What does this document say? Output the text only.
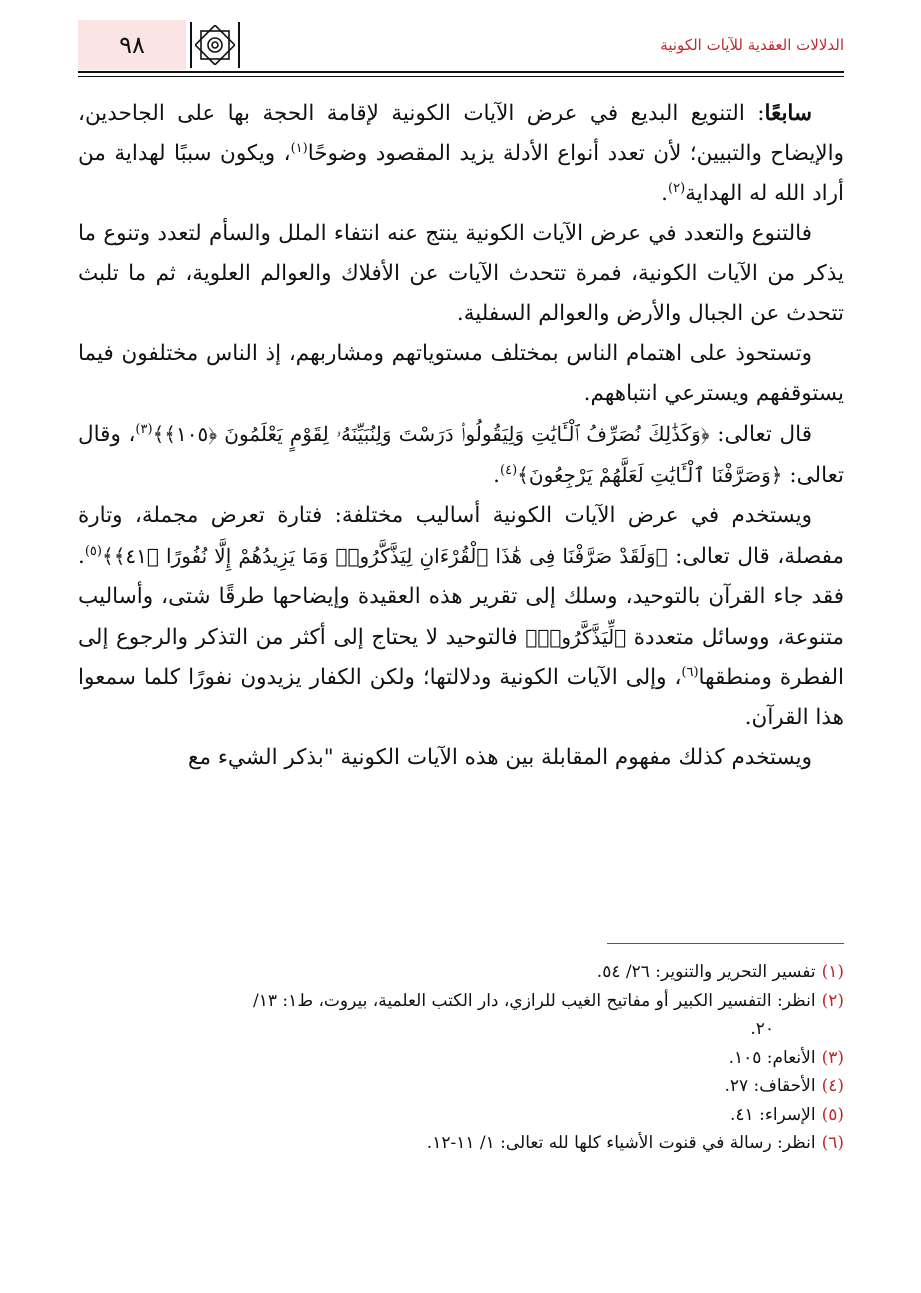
٩٨	الدلالات العقدية للآيات الكونية

سابعًا: التنويع البديع في عرض الآيات الكونية لإقامة الحجة بها على الجاحدين، والإيضاح والتبيين؛ لأن تعدد أنواع الأدلة يزيد المقصود وضوحًا$^{(١)}$، ويكون سببًا لهداية من أراد الله له الهداية$^{(٢)}$.

فالتنوع والتعدد في عرض الآيات الكونية ينتج عنه انتفاء الملل والسأم لتعدد وتنوع ما يذكر من الآيات الكونية، فمرة تتحدث الآيات عن الأفلاك والعوالم العلوية، ثم ما تلبث تتحدث عن الجبال والأرض والعوالم السفلية.

وتستحوذ على اهتمام الناس بمختلف مستوياتهم ومشاربهم، إذ الناس مختلفون فيما يستوقفهم ويسترعي انتباههم.

قال تعالى: ﴿وَكَذَٰلِكَ نُصَرِّفُ ٱلْـَٔايَٰتِ وَلِيَقُولُوا۟ دَرَسْتَ وَلِنُبَيِّنَهُۥ لِقَوْمٍ يَعْلَمُونَ ﴿١٠٥﴾﴾$^{(٣)}$، وقال تعالى: ﴿وَصَرَّفْنَا ٱلْـَٔايَٰتِ لَعَلَّهُمْ يَرْجِعُونَ﴾$^{(٤)}$.

ويستخدم في عرض الآيات الكونية أساليب مختلفة: فتارة تعرض مجملة، وتارة مفصلة، قال تعالى: ﴿وَلَقَدْ صَرَّفْنَا فِى هَٰذَا ٱلْقُرْءَانِ لِيَذَّكَّرُوا۟ وَمَا يَزِيدُهُمْ إِلَّا نُفُورًا ﴿٤١﴾﴾$^{(٥)}$. فقد جاء القرآن بالتوحيد، وسلك إلى تقرير هذه العقيدة وإيضاحها طرقًا شتى، وأساليب متنوعة، ووسائل متعددة ﴿لِّيَذَّكَّرُوا۟﴾ فالتوحيد لا يحتاج إلى أكثر من التذكر والرجوع إلى الفطرة ومنطقها$^{(٦)}$، وإلى الآيات الكونية ودلالتها؛ ولكن الكفار يزيدون نفورًا كلما سمعوا هذا القرآن.

ويستخدم كذلك مفهوم المقابلة بين هذه الآيات الكونية "بذكر الشيء مع

(١)تفسير التحرير والتنوير: ٢٦/ ٥٤.

(٢)انظر: التفسير الكبير أو مفاتيح الغيب للرازي، دار الكتب العلمية، بيروت، ط١: ١٣/

٢٠.

(٣)الأنعام: ١٠٥.

(٤)الأحقاف: ٢٧.

(٥)الإسراء: ٤١.

(٦)انظر: رسالة في قنوت الأشياء كلها لله تعالى: ١/ ١١-١٢.
